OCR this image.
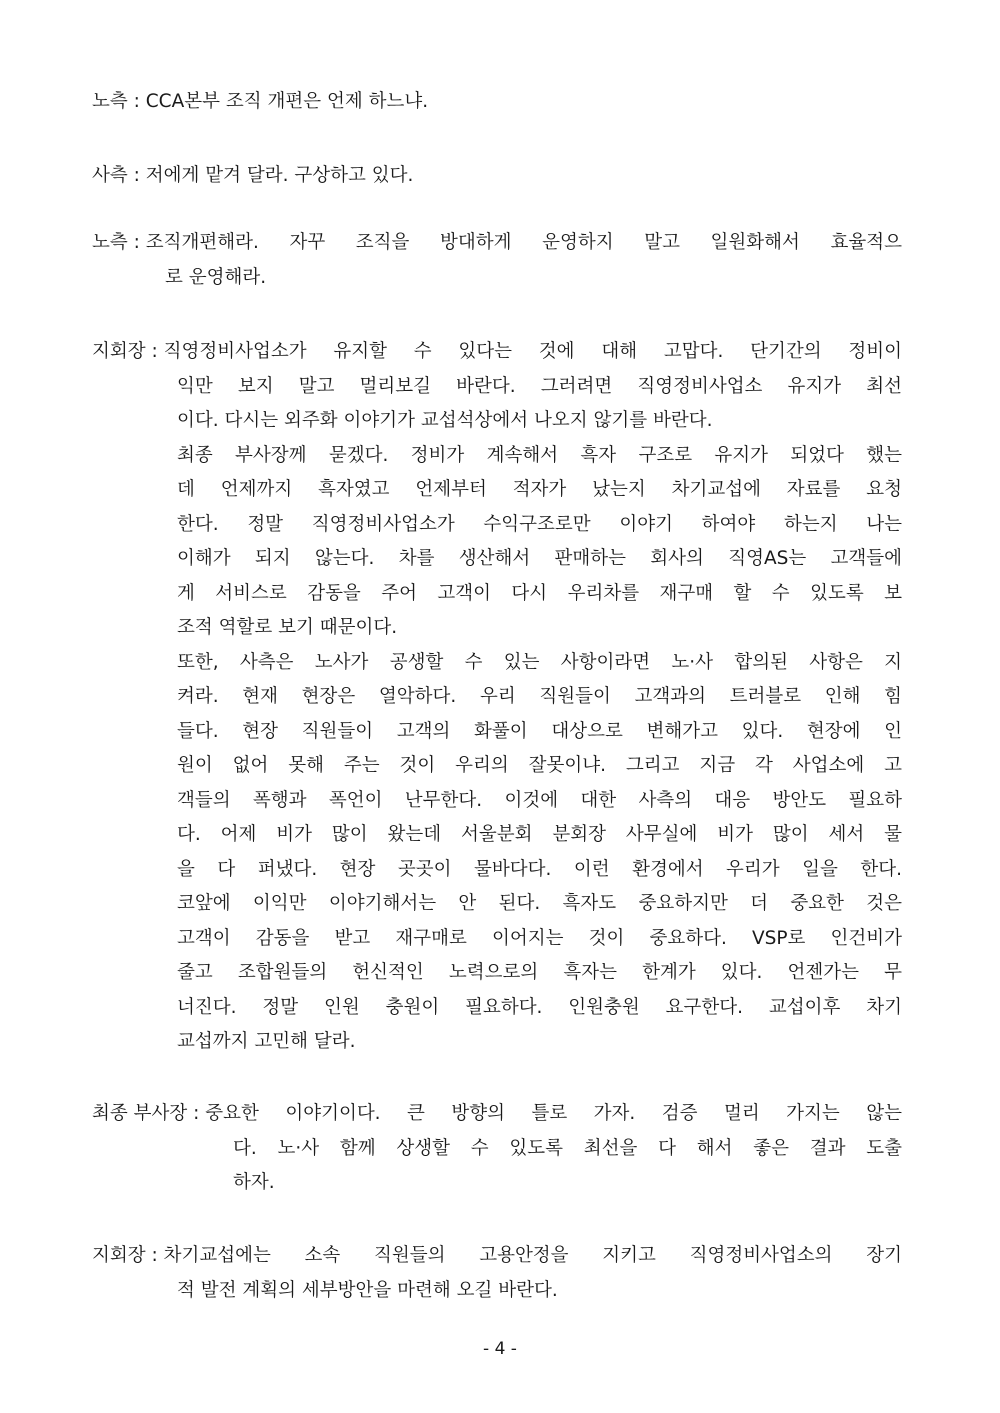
노측 : CCA본부 조직 개편은 언제 하느냐.
사측 : 저에게 맡겨 달라. 구상하고 있다.
노측 : 조직개편해라. 자꾸 조직을 방대하게 운영하지 말고 일원화해서 효율적으
로 운영해라.
지회장 : 직영정비사업소가 유지할 수 있다는 것에 대해 고맙다. 단기간의 정비이
익만 보지 말고 멀리보길 바란다. 그러려면 직영정비사업소 유지가 최선
이다. 다시는 외주화 이야기가 교섭석상에서 나오지 않기를 바란다.
최종 부사장께 묻겠다. 정비가 계속해서 흑자 구조로 유지가 되었다 했는
데 언제까지 흑자였고 언제부터 적자가 났는지 차기교섭에 자료를 요청
한다. 정말 직영정비사업소가 수익구조로만 이야기 하여야 하는지 나는
이해가 되지 않는다. 차를 생산해서 판매하는 회사의 직영AS는 고객들에
게 서비스로 감동을 주어 고객이 다시 우리차를 재구매 할 수 있도록 보
조적 역할로 보기 때문이다.
또한, 사측은 노사가 공생할 수 있는 사항이라면 노·사 합의된 사항은 지
켜라. 현재 현장은 열악하다. 우리 직원들이 고객과의 트러블로 인해 힘
들다. 현장 직원들이 고객의 화풀이 대상으로 변해가고 있다. 현장에 인
원이 없어 못해 주는 것이 우리의 잘못이냐. 그리고 지금 각 사업소에 고
객들의 폭행과 폭언이 난무한다. 이것에 대한 사측의 대응 방안도 필요하
다. 어제 비가 많이 왔는데 서울분회 분회장 사무실에 비가 많이 세서 물
을 다 퍼냈다. 현장 곳곳이 물바다다. 이런 환경에서 우리가 일을 한다.
코앞에 이익만 이야기해서는 안 된다. 흑자도 중요하지만 더 중요한 것은
고객이 감동을 받고 재구매로 이어지는 것이 중요하다. VSP로 인건비가
줄고 조합원들의 헌신적인 노력으로의 흑자는 한계가 있다. 언젠가는 무
너진다. 정말 인원 충원이 필요하다. 인원충원 요구한다. 교섭이후 차기
교섭까지 고민해 달라.
최종 부사장 : 중요한 이야기이다. 큰 방향의 틀로 가자. 검증 멀리 가지는 않는
다. 노·사 함께 상생할 수 있도록 최선을 다 해서 좋은 결과 도출
하자.
지회장 : 차기교섭에는 소속 직원들의 고용안정을 지키고 직영정비사업소의 장기
적 발전 계획의 세부방안을 마련해 오길 바란다.
- 4 -
